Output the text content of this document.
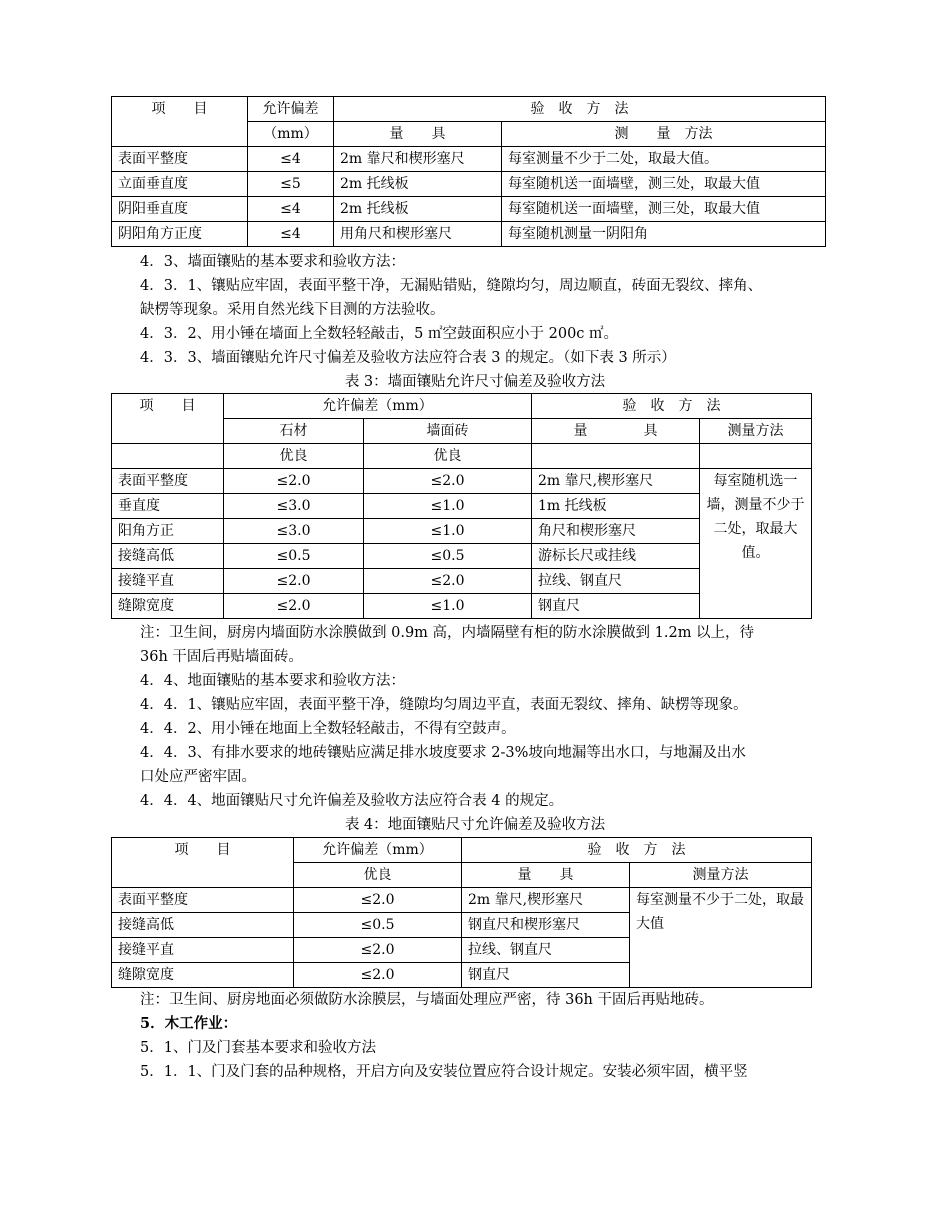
项　　目	允许偏差	验　收　方　法	
	（mm）	量　　具	测　　量　方法
表面平整度	≤4	2m 靠尺和楔形塞尺	每室测量不少于二处，取最大值。
立面垂直度	≤5	2m 托线板	每室随机送一面墙壁，测三处，取最大值
阴阳垂直度	≤4	2m 托线板	每室随机送一面墙壁，测三处，取最大值
阴阳角方正度	≤4	用角尺和楔形塞尺	每室随机测量一阴阳角
4．3、墙面镶贴的基本要求和验收方法：
4．3．1、镶贴应牢固，表面平整干净，无漏贴错贴，缝隙均匀，周边顺直，砖面无裂纹、摔角、
缺楞等现象。采用自然光线下目测的方法验收。
4．3．2、用小锤在墙面上全数轻轻敲击，5 ㎡空鼓面积应小于 200c ㎡。
4．3．3、墙面镶贴允许尺寸偏差及验收方法应符合表 3 的规定。（如下表 3 所示）
表 3：墙面镶贴允许尺寸偏差及验收方法
项　　目	允许偏差（mm）		验　收　方　法	
	石材	墙面砖	量　　　　具	测量方法
	优良	优良		
表面平整度	≤2.0	≤2.0	2m 靠尺,楔形塞尺	每室随机选一墙，测量不少于二处，取最大值。
垂直度	≤3.0	≤1.0	1m 托线板	
阳角方正	≤3.0	≤1.0	角尺和楔形塞尺	
接缝高低	≤0.5	≤0.5	游标长尺或挂线	
接缝平直	≤2.0	≤2.0	拉线、钢直尺	
缝隙宽度	≤2.0	≤1.0	钢直尺	
注：卫生间，厨房内墙面防水涂膜做到 0.9m 高，内墙隔壁有柜的防水涂膜做到 1.2m 以上，待
36h 干固后再贴墙面砖。
4．4、地面镶贴的基本要求和验收方法：
4．4．1、镶贴应牢固，表面平整干净，缝隙均匀周边平直，表面无裂纹、摔角、缺楞等现象。
4．4．2、用小锤在地面上全数轻轻敲击，不得有空鼓声。
4．4．3、有排水要求的地砖镶贴应满足排水坡度要求 2-3%坡向地漏等出水口，与地漏及出水
口处应严密牢固。
4．4．4、地面镶贴尺寸允许偏差及验收方法应符合表 4 的规定。
表 4：地面镶贴尺寸允许偏差及验收方法
项　　目	允许偏差（mm）	验　收　方　法	
	优良	量　　具	测量方法
表面平整度	≤2.0	2m 靠尺,楔形塞尺	每室测量不少于二处，取最大值
接缝高低	≤0.5	钢直尺和楔形塞尺	
接缝平直	≤2.0	拉线、钢直尺	
缝隙宽度	≤2.0	钢直尺	
注：卫生间、厨房地面必须做防水涂膜层，与墙面处理应严密，待 36h 干固后再贴地砖。
5．木工作业：
5．1、门及门套基本要求和验收方法
5．1．1、门及门套的品种规格，开启方向及安装位置应符合设计规定。安装必须牢固，横平竖
